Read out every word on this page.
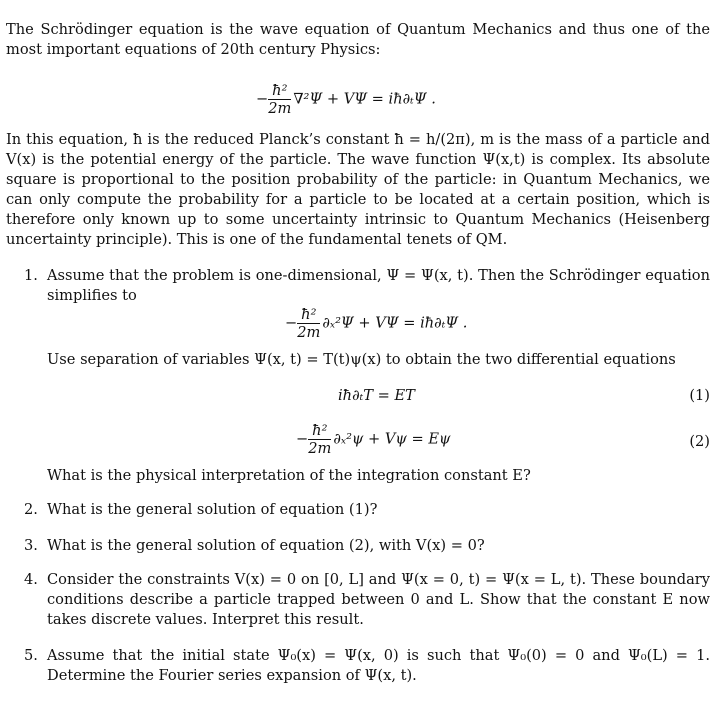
The Schrödinger equation is the wave equation of Quantum Mechanics and thus one of the most important equations of 20th century Physics:
− $\frac{\text{ħ²}}{2m} \nabla^2\Psi + V\Psi$ = iħ∂ₜΨ .
In this equation, ħ is the reduced Planck’s constant ħ = h/(2π), m is the mass of a particle and V(x) is the potential energy of the particle. The wave function Ψ(x,t) is complex. Its absolute square is proportional to the position probability of the particle: in Quantum Mechanics, we can only compute the probability for a particle to be located at a certain position, which is therefore only known up to some uncertainty intrinsic to Quantum Mechanics (Heisenberg uncertainty principle). This is one of the fundamental tenets of QM.
1. Assume that the problem is one-dimensional, Ψ = Ψ(x, t). Then the Schrödinger equation simplifies to
− $\frac{\text{ħ²}}{2m} \partial_x^2\Psi + V\Psi$ = iħ∂ₜΨ .
Use separation of variables Ψ(x, t) = T(t)ψ(x) to obtain the two differential equations
iħ∂ₜT = ET	(1)
− $\frac{\text{ħ²}}{2m} \partial_x^2\psi + V\psi = E\psi$	(2)
What is the physical interpretation of the integration constant E?
2. What is the general solution of equation (1)?
3. What is the general solution of equation (2), with V(x) = 0?
4. Consider the constraints V(x) = 0 on [0, L] and Ψ(x = 0, t) = Ψ(x = L, t). These boundary conditions describe a particle trapped between 0 and L. Show that the constant E now takes discrete values. Interpret this result.
5. Assume that the initial state Ψ₀(x) = Ψ(x, 0) is such that Ψ₀(0) = 0 and Ψ₀(L) = 1. Determine the Fourier series expansion of Ψ(x, t).
